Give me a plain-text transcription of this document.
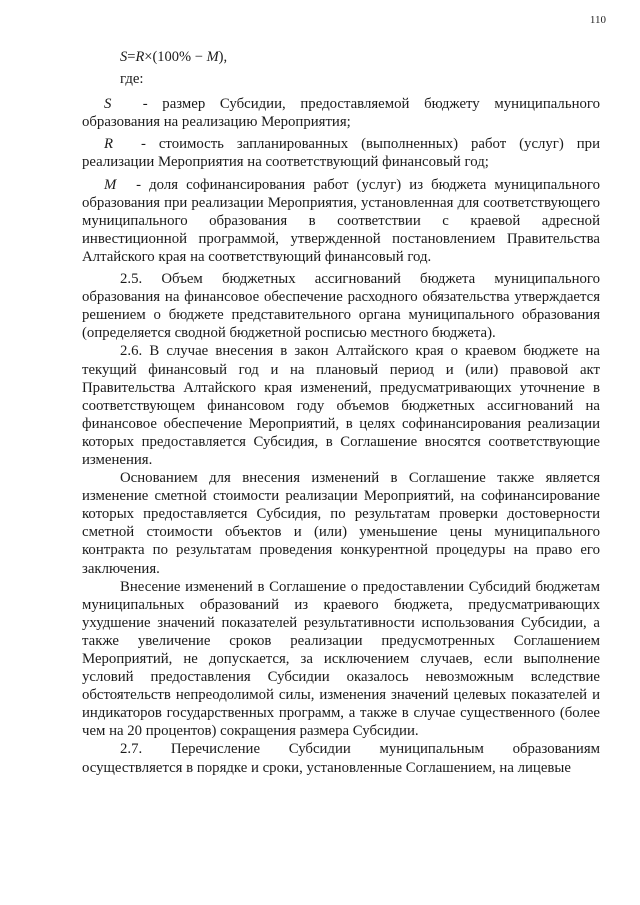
110
S=R×(100% − M),
где:
S - размер Субсидии, предоставляемой бюджету муниципального образования на реализацию Мероприятия;
R - стоимость запланированных (выполненных) работ (услуг) при реализации Мероприятия на соответствующий финансовый год;
M - доля софинансирования работ (услуг) из бюджета муниципального образования при реализации Мероприятия, установленная для соответствующего муниципального образования в соответствии с краевой адресной инвестиционной программой, утвержденной постановлением Правительства Алтайского края на соответствующий финансовый год.

2.5. Объем бюджетных ассигнований бюджета муниципального образования на финансовое обеспечение расходного обязательства утверждается решением о бюджете представительного органа муниципального образования (определяется сводной бюджетной росписью местного бюджета).

2.6. В случае внесения в закон Алтайского края о краевом бюджете на текущий финансовый год и на плановый период и (или) правовой акт Правительства Алтайского края изменений, предусматривающих уточнение в соответствующем финансовом году объемов бюджетных ассигнований на финансовое обеспечение Мероприятий, в целях софинансирования реализации которых предоставляется Субсидия, в Соглашение вносятся соответствующие изменения.

Основанием для внесения изменений в Соглашение также является изменение сметной стоимости реализации Мероприятий, на софинансирование которых предоставляется Субсидия, по результатам проверки достоверности сметной стоимости объектов и (или) уменьшение цены муниципального контракта по результатам проведения конкурентной процедуры на право его заключения.

Внесение изменений в Соглашение о предоставлении Субсидий бюджетам муниципальных образований из краевого бюджета, предусматривающих ухудшение значений показателей результативности использования Субсидии, а также увеличение сроков реализации предусмотренных Соглашением Мероприятий, не допускается, за исключением случаев, если выполнение условий предоставления Субсидии оказалось невозможным вследствие обстоятельств непреодолимой силы, изменения значений целевых показателей и индикаторов государственных программ, а также в случае существенного (более чем на 20 процентов) сокращения размера Субсидии.

2.7. Перечисление Субсидии муниципальным образованиям осуществляется в порядке и сроки, установленные Соглашением, на лицевые
